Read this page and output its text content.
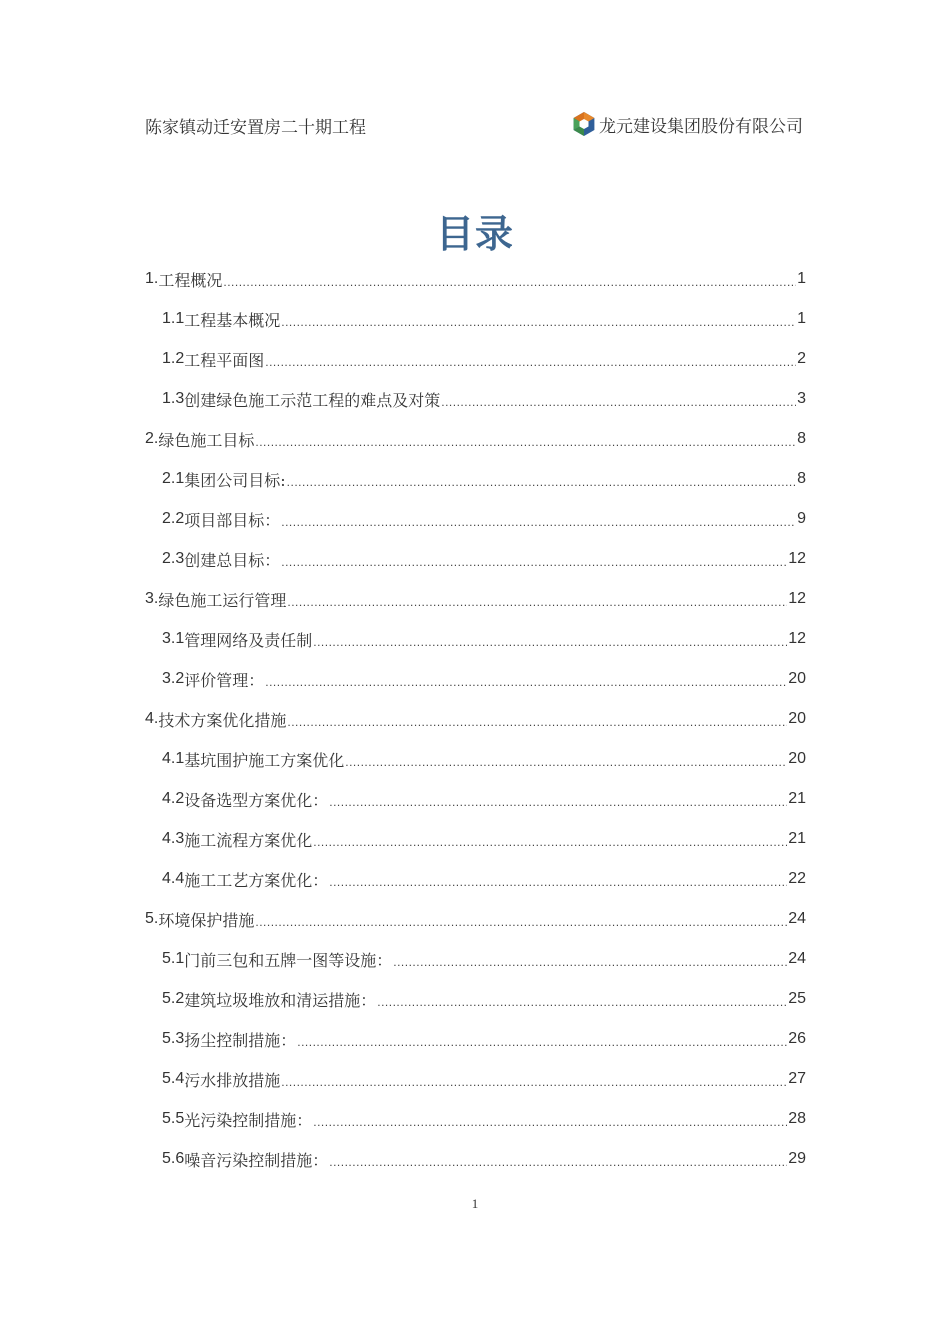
陈家镇动迁安置房二十期工程	龙元建设集团股份有限公司
目录
1. 工程概况 .....	1
1.1 工程基本概况 .....	1
1.2 工程平面图 .....	2
1.3 创建绿色施工示范工程的难点及对策 .....	3
2. 绿色施工目标 .....	8
2.1 集团公司目标: .....	8
2.2 项目部目标： .....	9
2.3 创建总目标： .....	12
3. 绿色施工运行管理 .....	12
3.1 管理网络及责任制 .....	12
3.2 评价管理： .....	20
4. 技术方案优化措施 .....	20
4.1 基坑围护施工方案优化 .....	20
4.2 设备选型方案优化： .....	21
4.3 施工流程方案优化 .....	21
4.4 施工工艺方案优化： .....	22
5. 环境保护措施 .....	24
5.1 门前三包和五牌一图等设施： .....	24
5.2 建筑垃圾堆放和清运措施： .....	25
5.3 扬尘控制措施： .....	26
5.4 污水排放措施 .....	27
5.5 光污染控制措施： .....	28
5.6 噪音污染控制措施： .....	29
1
